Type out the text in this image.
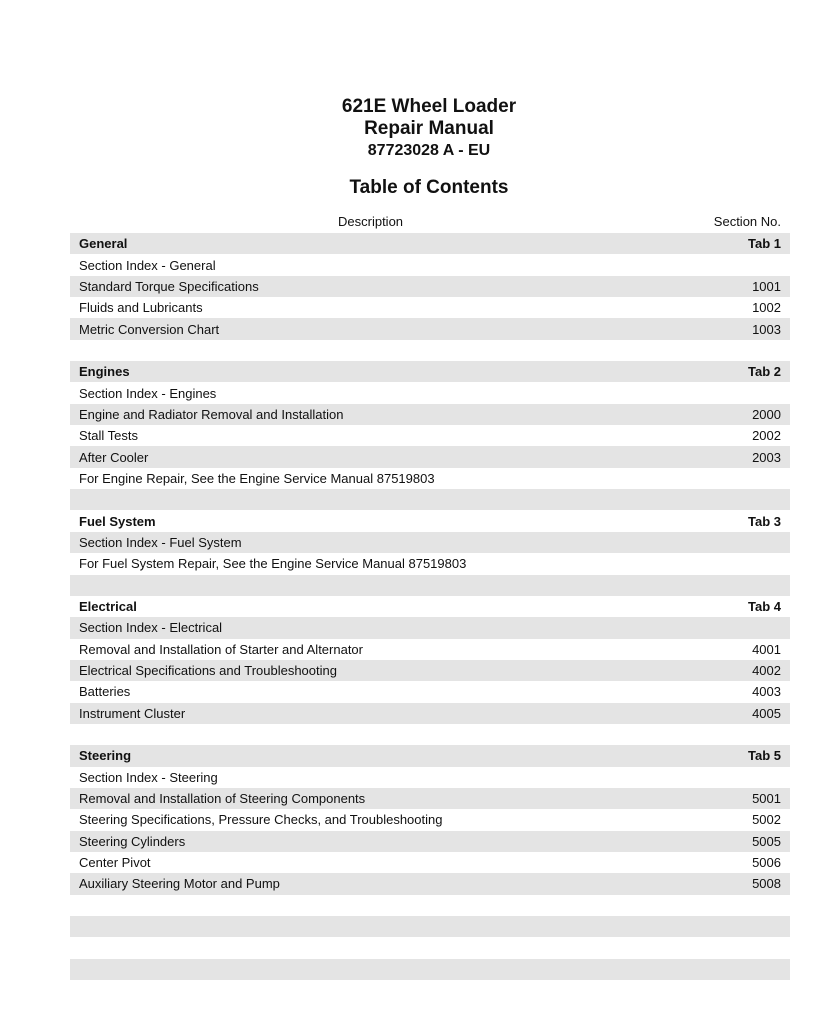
621E Wheel Loader
Repair Manual
87723028 A - EU
Table of Contents
Description	Section No.
General	Tab 1
Section Index - General
Standard Torque Specifications	1001
Fluids and Lubricants	1002
Metric Conversion Chart	1003
Engines	Tab 2
Section Index - Engines
Engine and Radiator Removal and Installation	2000
Stall Tests	2002
After Cooler	2003
For Engine Repair, See the Engine Service Manual 87519803
Fuel System	Tab 3
Section Index - Fuel System
For Fuel System Repair, See the Engine Service Manual 87519803
Electrical	Tab 4
Section Index - Electrical
Removal and Installation of Starter and Alternator	4001
Electrical Specifications and Troubleshooting	4002
Batteries	4003
Instrument Cluster	4005
Steering	Tab 5
Section Index - Steering
Removal and Installation of Steering Components	5001
Steering Specifications, Pressure Checks, and Troubleshooting	5002
Steering Cylinders	5005
Center Pivot	5006
Auxiliary Steering Motor and Pump	5008
